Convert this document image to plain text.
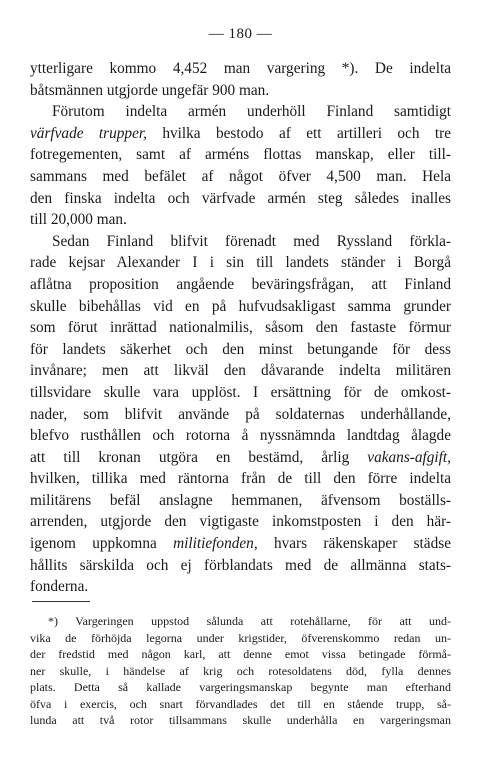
— 180 —

ytterligare kommo 4,452 man vargering *). De indelta
båtsmännen utgjorde ungefär 900 man.

Förutom indelta armén underhöll Finland samtidigt
värfvade trupper, hvilka bestodo af ett artilleri och tre
fotregementen, samt af arméns flottas manskap, eller till-
sammans med befälet af något öfver 4,500 man. Hela
den finska indelta och värfvade armén steg således inalles
till 20,000 man.

Sedan Finland blifvit förenadt med Ryssland förkla-
rade kejsar Alexander I i sin till landets ständer i Borgå
aflåtna proposition angående beväringsfrågan, att Finland
skulle bibehållas vid en på hufvudsakligast samma grunder
som förut inrättad nationalmilis, såsom den fastaste förmur
för landets säkerhet och den minst betungande för dess
invånare; men att likväl den dåvarande indelta militären
tillsvidare skulle vara upplöst. I ersättning för de omkost-
nader, som blifvit använde på soldaternas underhållande,
blefvo rusthållen och rotorna å nyssnämnda landtdag ålagde
att till kronan utgöra en bestämd, årlig vakans-afgift,
hvilken, tillika med räntorna från de till den förre indelta
militärens befäl anslagne hemmanen, äfvensom boställs-
arrenden, utgjorde den vigtigaste inkomstposten i den här-
igenom uppkomna militiefonden, hvars räkenskaper städse
hållits särskilda och ej förblandats med de allmänna stats-
fonderna.

*) Vargeringen uppstod sålunda att rotehållarne, för att und-
vika de förhöjda legorna under krigstider, öfverenskommo redan un-
der fredstid med någon karl, att denne emot vissa betingade förmå-
ner skulle, i händelse af krig och rotesoldatens död, fylla dennes
plats. Detta så kallade vargeringsmanskap begynte man efterhand
öfva i exercis, och snart förvandlades det till en stående trupp, så-
lunda att två rotor tillsammans skulle underhålla en vargeringsman
